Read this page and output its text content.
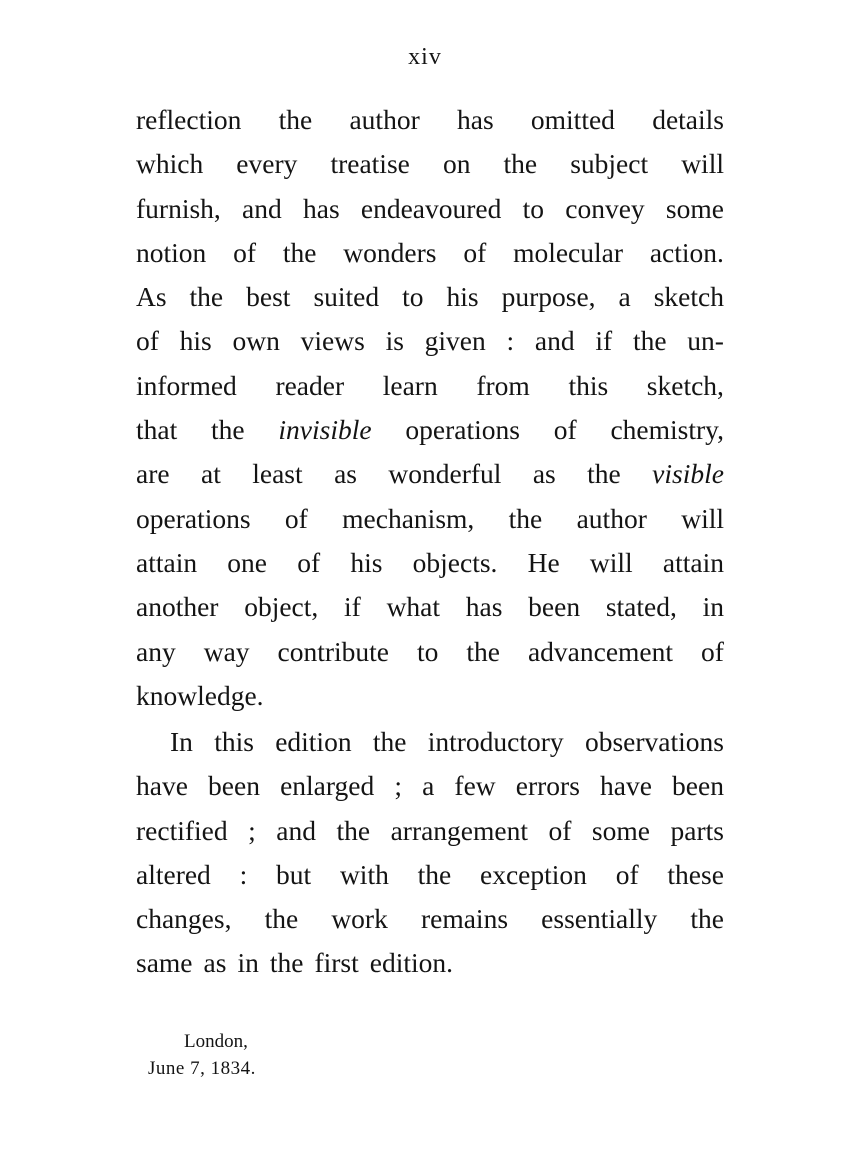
xiv
reflection the author has omitted details
which every treatise on the subject will
furnish, and has endeavoured to convey some
notion of the wonders of molecular action.
As the best suited to his purpose, a sketch
of his own views is given : and if the un-
informed reader learn from this sketch,
that the invisible operations of chemistry,
are at least as wonderful as the visible
operations of mechanism, the author will
attain one of his objects. He will attain
another object, if what has been stated, in
any way contribute to the advancement of
knowledge.
In this edition the introductory observations
have been enlarged ; a few errors have been
rectified ; and the arrangement of some parts
altered : but with the exception of these
changes, the work remains essentially the
same as in the first edition.
London,
June 7, 1834.
